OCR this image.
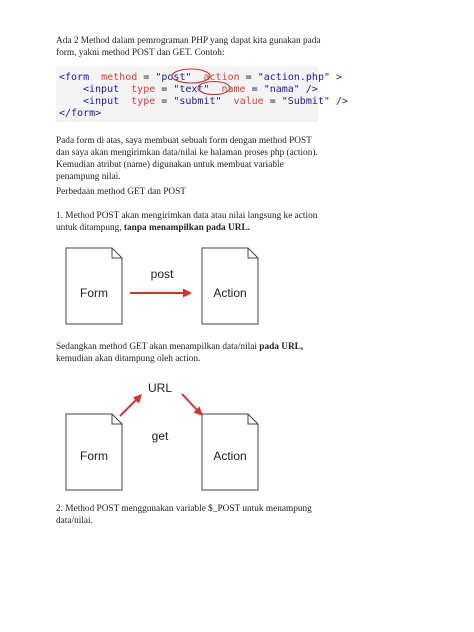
Ada 2 Method dalam pemrograman PHP yang dapat kita gunakan pada
form, yakni method POST dan GET. Contoh:
<form method = "post" action = "action.php" >
<input type = "text" name = "nama" />
<input type = "submit" value = "Submit" />
</form>
Pada form di atas, saya membuat sebuah form dengan method POST
dan saya akan mengirimkan data/nilai ke halaman proses php (action).
Kemudian atribut (name) digunakan untuk membuat variable
penampung nilai.
Perbedaan method GET dan POST
1. Method POST akan mengirimkan data atau nilai langsung ke action
untuk ditampung, tanpa menampilkan pada URL.
Form	Action
post
Sedangkan method GET akan menampilkan data/nilai pada URL,
kemudian akan ditampung oleh action.
URL
Form	Action
get
2. Method POST menggunakan variable $_POST untuk menampung
data/nilai.
